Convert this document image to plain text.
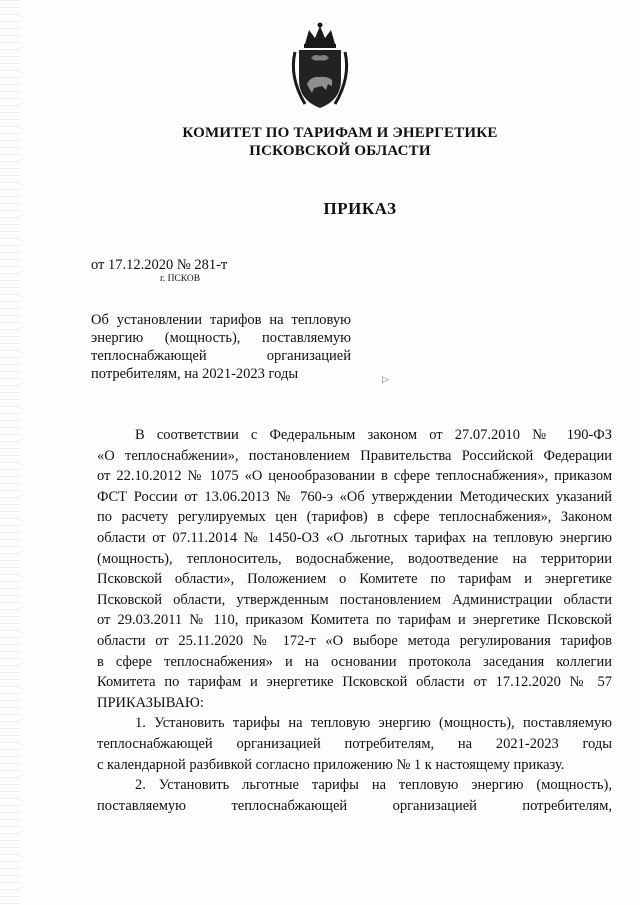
КОМИТЕТ ПО ТАРИФАМ И ЭНЕРГЕТИКЕ
ПСКОВСКОЙ ОБЛАСТИ
ПРИКАЗ
от 17.12.2020 № 281-т
г. ПСКОВ
Об установлении тарифов на тепловую
энергию (мощность), поставляемую
теплоснабжающей организацией
потребителям, на 2021-2023 годы	▷
В соответствии с Федеральным законом от 27.07.2010 № 190-ФЗ
«О теплоснабжении», постановлением Правительства Российской Федерации
от 22.10.2012 № 1075 «О ценообразовании в сфере теплоснабжения», приказом
ФСТ России от 13.06.2013 № 760-э «Об утверждении Методических указаний
по расчету регулируемых цен (тарифов) в сфере теплоснабжения», Законом
области от 07.11.2014 № 1450-ОЗ «О льготных тарифах на тепловую энергию
(мощность), теплоноситель, водоснабжение, водоотведение на территории
Псковской области», Положением о Комитете по тарифам и энергетике
Псковской области, утвержденным постановлением Администрации области
от 29.03.2011 № 110, приказом Комитета по тарифам и энергетике Псковской
области от 25.11.2020 № 172-т «О выборе метода регулирования тарифов
в сфере теплоснабжения» и на основании протокола заседания коллегии
Комитета по тарифам и энергетике Псковской области от 17.12.2020 № 57
ПРИКАЗЫВАЮ:
1. Установить тарифы на тепловую энергию (мощность), поставляемую
теплоснабжающей организацией потребителям, на 2021-2023 годы
с календарной разбивкой согласно приложению № 1 к настоящему приказу.
2. Установить льготные тарифы на тепловую энергию (мощность),
поставляемую теплоснабжающей организацией потребителям,
